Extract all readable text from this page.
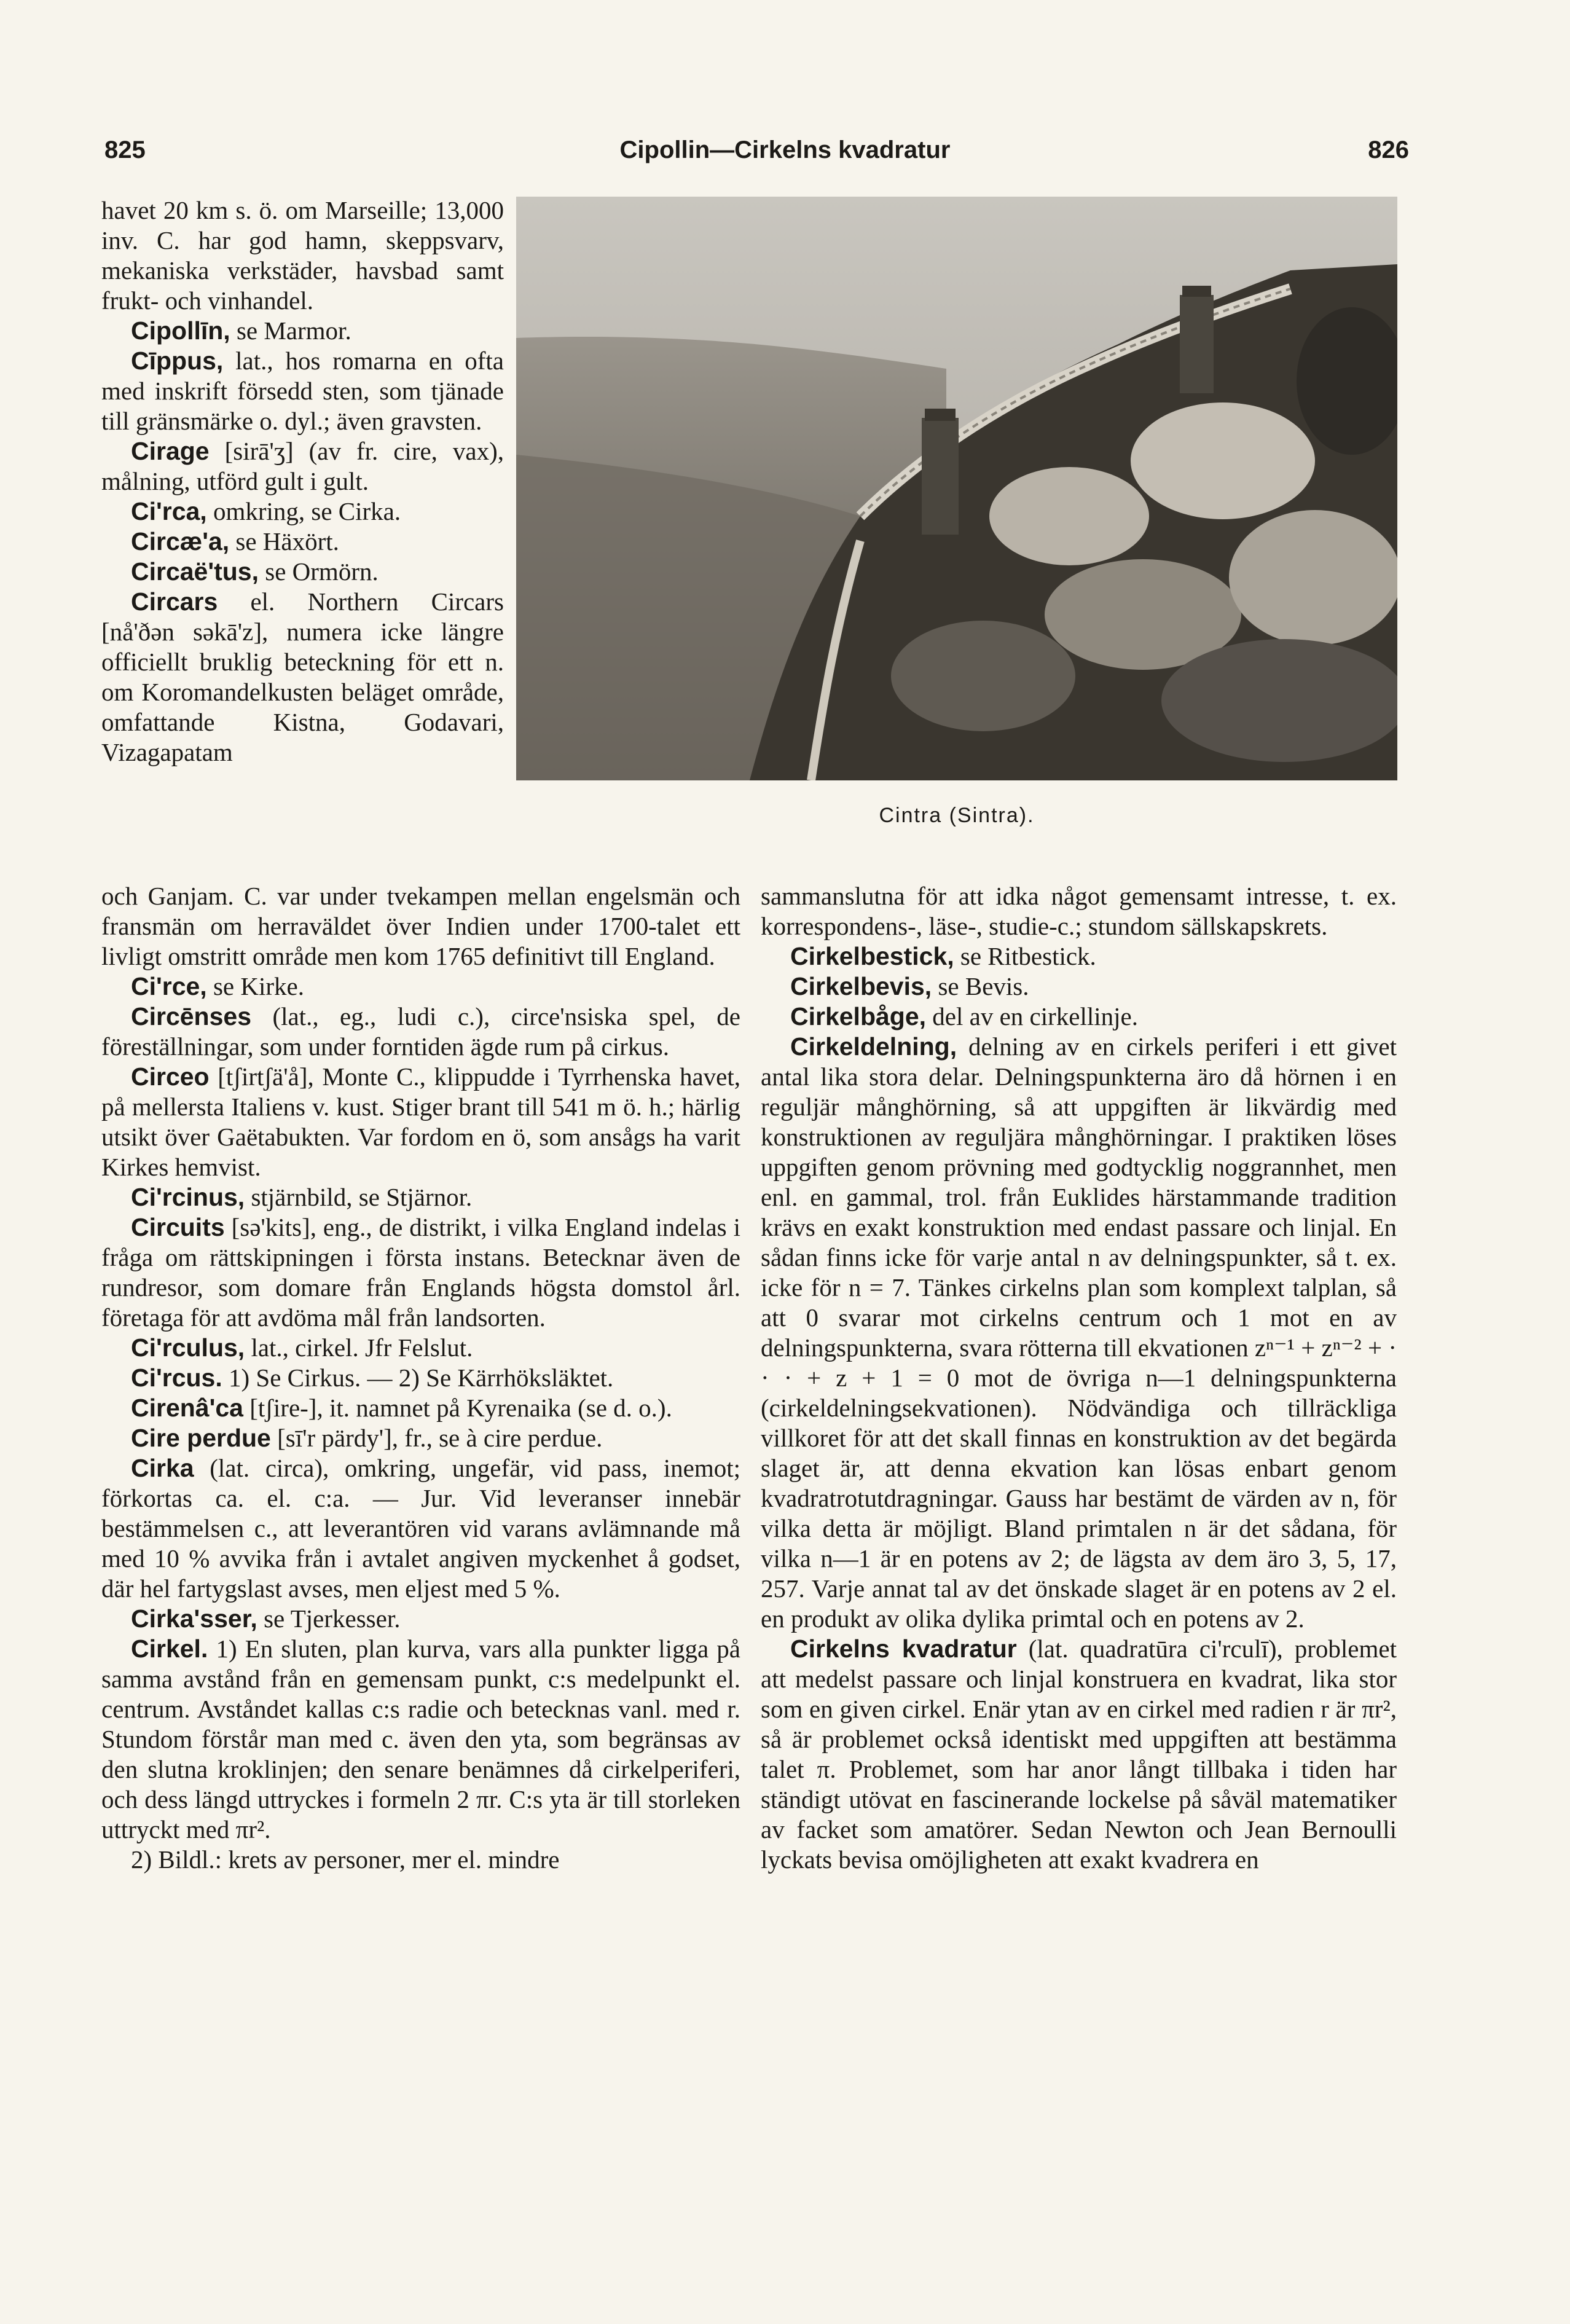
825	Cipollin—Cirkelns kvadratur	826

havet 20 km s. ö. om Marseille; 13,000 inv. C. har god hamn, skeppsvarv, mekaniska verkstäder, havsbad samt frukt- och vinhandel.

Cipollīn, se Marmor.

Cīppus, lat., hos romarna en ofta med inskrift försedd sten, som tjänade till gränsmärke o. dyl.; även gravsten.

Cirage [sirā'ʒ] (av fr. cire, vax), målning, utförd gult i gult.

Ci'rca, omkring, se Cirka.

Circæ'a, se Häxört.

Circaë'tus, se Ormörn.

Circars el. Northern Circars [nå'ðən səkā'z], numera icke längre officiellt bruklig beteckning för ett n. om Koromandelkusten beläget område, omfattande Kistna, Godavari, Vizagapatam

Cintra (Sintra).

och Ganjam. C. var under tvekampen mellan engelsmän och fransmän om herraväldet över Indien under 1700-talet ett livligt omstritt område men kom 1765 definitivt till England.

Ci'rce, se Kirke.

Circēnses (lat., eg., ludi c.), circe'nsiska spel, de föreställningar, som under forntiden ägde rum på cirkus.

Circeo [tʃirtʃä'å], Monte C., klippudde i Tyrrhenska havet, på mellersta Italiens v. kust. Stiger brant till 541 m ö. h.; härlig utsikt över Gaëtabukten. Var fordom en ö, som ansågs ha varit Kirkes hemvist.

Ci'rcinus, stjärnbild, se Stjärnor.

Circuits [sə'kits], eng., de distrikt, i vilka England indelas i fråga om rättskipningen i första instans. Betecknar även de rundresor, som domare från Englands högsta domstol årl. företaga för att avdöma mål från landsorten.

Ci'rculus, lat., cirkel. Jfr Felslut.

Ci'rcus. 1) Se Cirkus. — 2) Se Kärrhöksläktet.

Cirenâ'ca [tʃire-], it. namnet på Kyrenaika (se d. o.).

Cire perdue [sī'r pärdy'], fr., se à cire perdue.

Cirka (lat. circa), omkring, ungefär, vid pass, inemot; förkortas ca. el. c:a. — Jur. Vid leveranser innebär bestämmelsen c., att leverantören vid varans avlämnande må med 10 % avvika från i avtalet angiven myckenhet å godset, där hel fartygslast avses, men eljest med 5 %.

Cirka'sser, se Tjerkesser.

Cirkel. 1) En sluten, plan kurva, vars alla punkter ligga på samma avstånd från en gemensam punkt, c:s medelpunkt el. centrum. Avståndet kallas c:s radie och betecknas vanl. med r. Stundom förstår man med c. även den yta, som begränsas av den slutna kroklinjen; den senare benämnes då cirkelperiferi, och dess längd uttryckes i formeln 2 πr. C:s yta är till storleken uttryckt med πr².

2) Bildl.: krets av personer, mer el. mindre

sammanslutna för att idka något gemensamt intresse, t. ex. korrespondens-, läse-, studie-c.; stundom sällskapskrets.

Cirkelbestick, se Ritbestick.

Cirkelbevis, se Bevis.

Cirkelbåge, del av en cirkellinje.

Cirkeldelning, delning av en cirkels periferi i ett givet antal lika stora delar. Delningspunkterna äro då hörnen i en reguljär månghörning, så att uppgiften är likvärdig med konstruktionen av reguljära månghörningar. I praktiken löses uppgiften genom prövning med godtycklig noggrannhet, men enl. en gammal, trol. från Euklides härstammande tradition krävs en exakt konstruktion med endast passare och linjal. En sådan finns icke för varje antal n av delningspunkter, så t. ex. icke för n = 7. Tänkes cirkelns plan som komplext talplan, så att 0 svarar mot cirkelns centrum och 1 mot en av delningspunkterna, svara rötterna till ekvationen zⁿ⁻¹ + zⁿ⁻² + · · · + z + 1 = 0 mot de övriga n—1 delningspunkterna (cirkeldelningsekvationen). Nödvändiga och tillräckliga villkoret för att det skall finnas en konstruktion av det begärda slaget är, att denna ekvation kan lösas enbart genom kvadratrotutdragningar. Gauss har bestämt de värden av n, för vilka detta är möjligt. Bland primtalen n är det sådana, för vilka n—1 är en potens av 2; de lägsta av dem äro 3, 5, 17, 257. Varje annat tal av det önskade slaget är en potens av 2 el. en produkt av olika dylika primtal och en potens av 2.

Cirkelns kvadratur (lat. quadratūra ci'rculī), problemet att medelst passare och linjal konstruera en kvadrat, lika stor som en given cirkel. Enär ytan av en cirkel med radien r är πr², så är problemet också identiskt med uppgiften att bestämma talet π. Problemet, som har anor långt tillbaka i tiden har ständigt utövat en fascinerande lockelse på såväl matematiker av facket som amatörer. Sedan Newton och Jean Bernoulli lyckats bevisa omöjligheten att exakt kvadrera en
